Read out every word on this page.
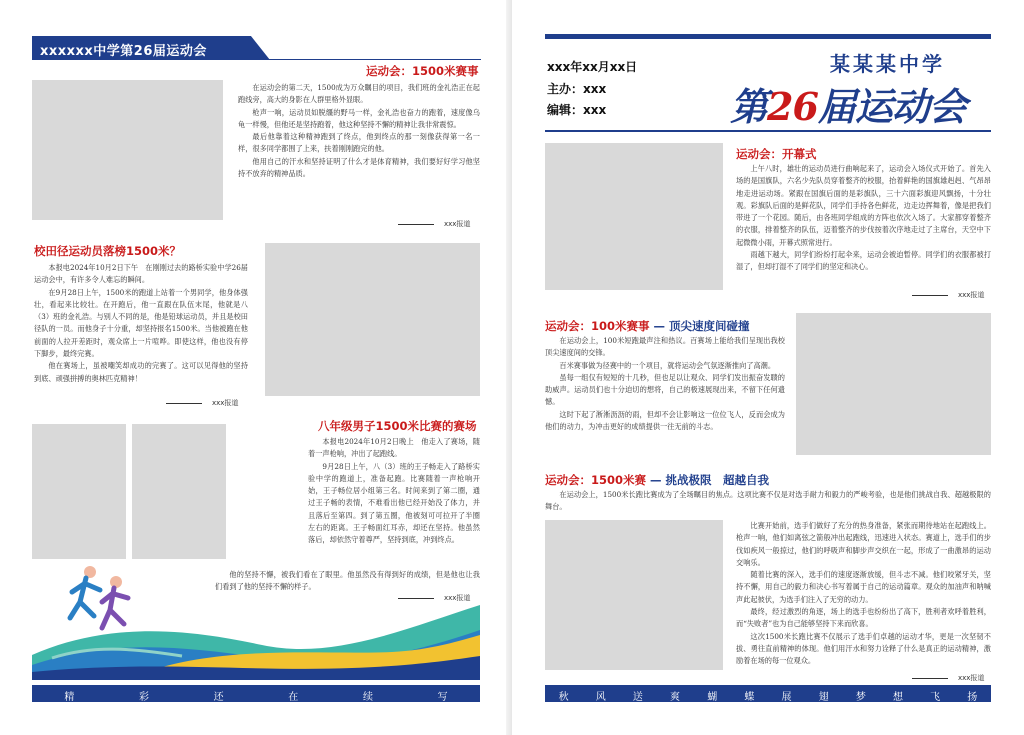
xxxxxx中学第26届运动会
运动会：1500米赛事

在运动会的第二天，1500成为万众瞩目的项目，我们班的金礼浩正在起跑线旁，高大的身影在人群里格外显眼。

枪声一响，运动员如脱缰的野马一样，金礼浩也奋力的跑着，速度像乌龟一样慢，但他还是坚持跑着，他这种坚持不懈的精神让我非常震惊。

最后他靠着这种精神跑到了终点，他到终点的那一刻像获得第一名一样，很多同学都围了上来，扶着刚刚跑完的他。

他用自己的汗水和坚持证明了什么才是体育精神，我们要好好学习他坚持不放弃的精神品质。

xxx报道
校田径运动员落榜1500米？

本报电2024年10月2日下午　在刚刚过去的路桥实验中学26届运动会中，有许多令人难忘的瞬间。

在9月28日上午，1500米的跑道上站着一个男同学，他身体强壮，看起来比较壮。在开跑后，他一直跟在队伍末尾，他就是八（3）班的金礼浩。与别人不同的是，他是铅球运动员，并且是校田径队的一员。而他身子十分重，却坚持报名1500米。当他被跑在他前面的人拉开差距时，观众席上一片喧哗。即使这样，他也没有停下脚步，最终完赛。

他在赛场上，虽被嘲笑却成功的完赛了。这可以见得他的坚持到底、顽强拼搏的奥林匹克精神！

xxx报道
八年级男子1500米比赛的赛场

本报电2024年10月2日晚上　他走入了赛场，随着一声枪响，冲出了起跑线。

9月28日上午，八（3）班的王子畅走入了路桥实验中学的跑道上，准备起跑。比赛随着一声枪响开始，王子畅位居小组第三名。时间来到了第二圈，通过王子畅的表情，不难看出他已经开始没了体力，并且落后至第四。到了第五圈，他被刻可可拉开了半圈左右的距离。王子畅面红耳赤，却还在坚持。他虽然落后，却依然守着尊严，坚持到底，冲到终点。

他的坚持不懈，被我们看在了眼里。他虽然没有得到好的成绩，但是他也让我们看到了他的坚持不懈的样子。

xxx报道
精	彩	还	在	续	写
xxx年xx月xx日
主办：xxx
编辑：xxx
某某某中学
第26届运动会
运动会：开幕式

上午八时，雄壮的运动员进行曲响起来了，运动会入场仪式开始了。首先入场的是国旗队，六名少先队员穿着整齐的校服，抬着鲜艳的国旗雄赳赳、气昂昂地走进运动场。紧跟在国旗后面的是彩旗队，三十六面彩旗迎风飘扬，十分壮观。彩旗队后面的是鲜花队，同学们手持各色鲜花，边走边挥舞着，像是把我们带进了一个花园。随后，由各班同学组成的方阵也依次入场了。大家都穿着整齐的衣服，排着整齐的队伍，迈着整齐的步伐按着次序地走过了主席台，天空中下起微微小雨，开幕式照常进行。

雨越下越大，同学们纷纷打起伞来，运动会被迫暂停。同学们的衣服都被打湿了，但却打湿不了同学们的坚定和决心。

xxx报道
运动会：100米赛事 — 顶尖速度间碰撞

在运动会上，100米短跑最声注和热议。百赛场上能给我们呈现出我校顶尖速度间的交锋。

百米赛事做为径赛中的一个项目，就将运动会气氛逐渐推向了高潮。

虽每一组仅有短短的十几秒，但也足以让观众、同学们发出振奋发聩的助威声。运动员们也十分迫切的想将，自己的极速展现出来，不留下任何遗憾。

这时下起了淅淅沥沥的雨，但却不会让影响这一位位飞人，反而会成为他们的动力，为冲击更好的成绩提供一往无前的斗志。

运动会：1500米赛 — 挑战极限　超越自我

在运动会上，1500米长跑比赛成为了全场瞩目的焦点。这项比赛不仅是对选手耐力和毅力的严峻考验，也是他们挑战自我、超越极限的舞台。

比赛开始前，选手们做好了充分的热身准备，紧张而期待地站在起跑线上。枪声一响，他们如离弦之箭般冲出起跑线，迅速进入状态。赛道上，选手们的步伐如疾风一般掠过，他们的呼吸声和脚步声交织在一起，形成了一曲激昂的运动交响乐。

随着比赛的深入，选手们的速度逐渐放缓，但斗志不减。他们咬紧牙关，坚持不懈，用自己的毅力和决心书写着属于自己的运动篇章。观众的加油声和呐喊声此起彼伏，为选手们注入了无穷的动力。

最终，经过激烈的角逐，场上的选手也纷纷出了高下，胜利者欢呼着胜利，而“失败者”也为自己能够坚持下来而欣喜。

这次1500米长跑比赛不仅展示了选手们卓越的运动才华，更是一次坚韧不拔、勇往直前精神的体现。他们用汗水和努力诠释了什么是真正的运动精神，激励着在场的每一位观众。

xxx报道
秋	风	送	爽	蝴	蝶	展	翅	梦	想	飞	扬
